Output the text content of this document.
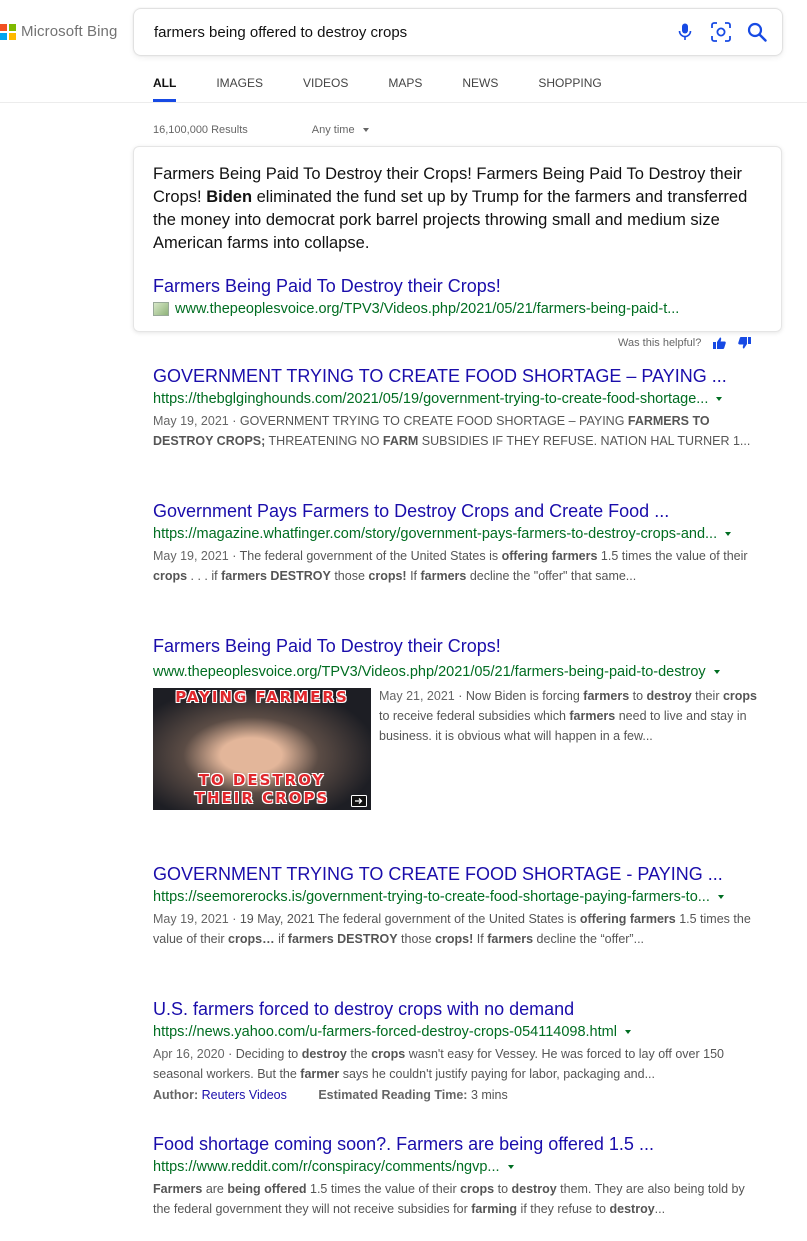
Microsoft Bing	farmers being offered to destroy crops
ALL	IMAGES	VIDEOS	MAPS	NEWS	SHOPPING
16,100,000 Results	Any time
Farmers Being Paid To Destroy their Crops! Farmers Being Paid To Destroy their Crops! Biden eliminated the fund set up by Trump for the farmers and transferred the money into democrat pork barrel projects throwing small and medium size American farms into collapse.
Farmers Being Paid To Destroy their Crops!
www.thepeoplesvoice.org/TPV3/Videos.php/2021/05/21/farmers-being-paid-t...
Was this helpful?
GOVERNMENT TRYING TO CREATE FOOD SHORTAGE – PAYING ...
https://thebglginghounds.com/2021/05/19/government-trying-to-create-food-shortage...
May 19, 2021 · GOVERNMENT TRYING TO CREATE FOOD SHORTAGE – PAYING FARMERS TO DESTROY CROPS; THREATENING NO FARM SUBSIDIES IF THEY REFUSE. NATION HAL TURNER 1...
Government Pays Farmers to Destroy Crops and Create Food ...
https://magazine.whatfinger.com/story/government-pays-farmers-to-destroy-crops-and...
May 19, 2021 · The federal government of the United States is offering farmers 1.5 times the value of their crops . . . if farmers DESTROY those crops! If farmers decline the "offer" that same...
Farmers Being Paid To Destroy their Crops!
www.thepeoplesvoice.org/TPV3/Videos.php/2021/05/21/farmers-being-paid-to-destroy
PAYING FARMERS
TO DESTROY
THEIR CROPS
May 21, 2021 · Now Biden is forcing farmers to destroy their crops to receive federal subsidies which farmers need to live and stay in business. it is obvious what will happen in a few...
GOVERNMENT TRYING TO CREATE FOOD SHORTAGE - PAYING ...
https://seemorerocks.is/government-trying-to-create-food-shortage-paying-farmers-to...
May 19, 2021 · 19 May, 2021 The federal government of the United States is offering farmers 1.5 times the value of their crops… if farmers DESTROY those crops! If farmers decline the “offer”...
U.S. farmers forced to destroy crops with no demand
https://news.yahoo.com/u-farmers-forced-destroy-crops-054114098.html
Apr 16, 2020 · Deciding to destroy the crops wasn't easy for Vessey. He was forced to lay off over 150 seasonal workers. But the farmer says he couldn't justify paying for labor, packaging and...
Author: Reuters Videos	Estimated Reading Time: 3 mins
Food shortage coming soon?. Farmers are being offered 1.5 ...
https://www.reddit.com/r/conspiracy/comments/ngvp...
Farmers are being offered 1.5 times the value of their crops to destroy them. They are also being told by the federal government they will not receive subsidies for farming if they refuse to destroy...
